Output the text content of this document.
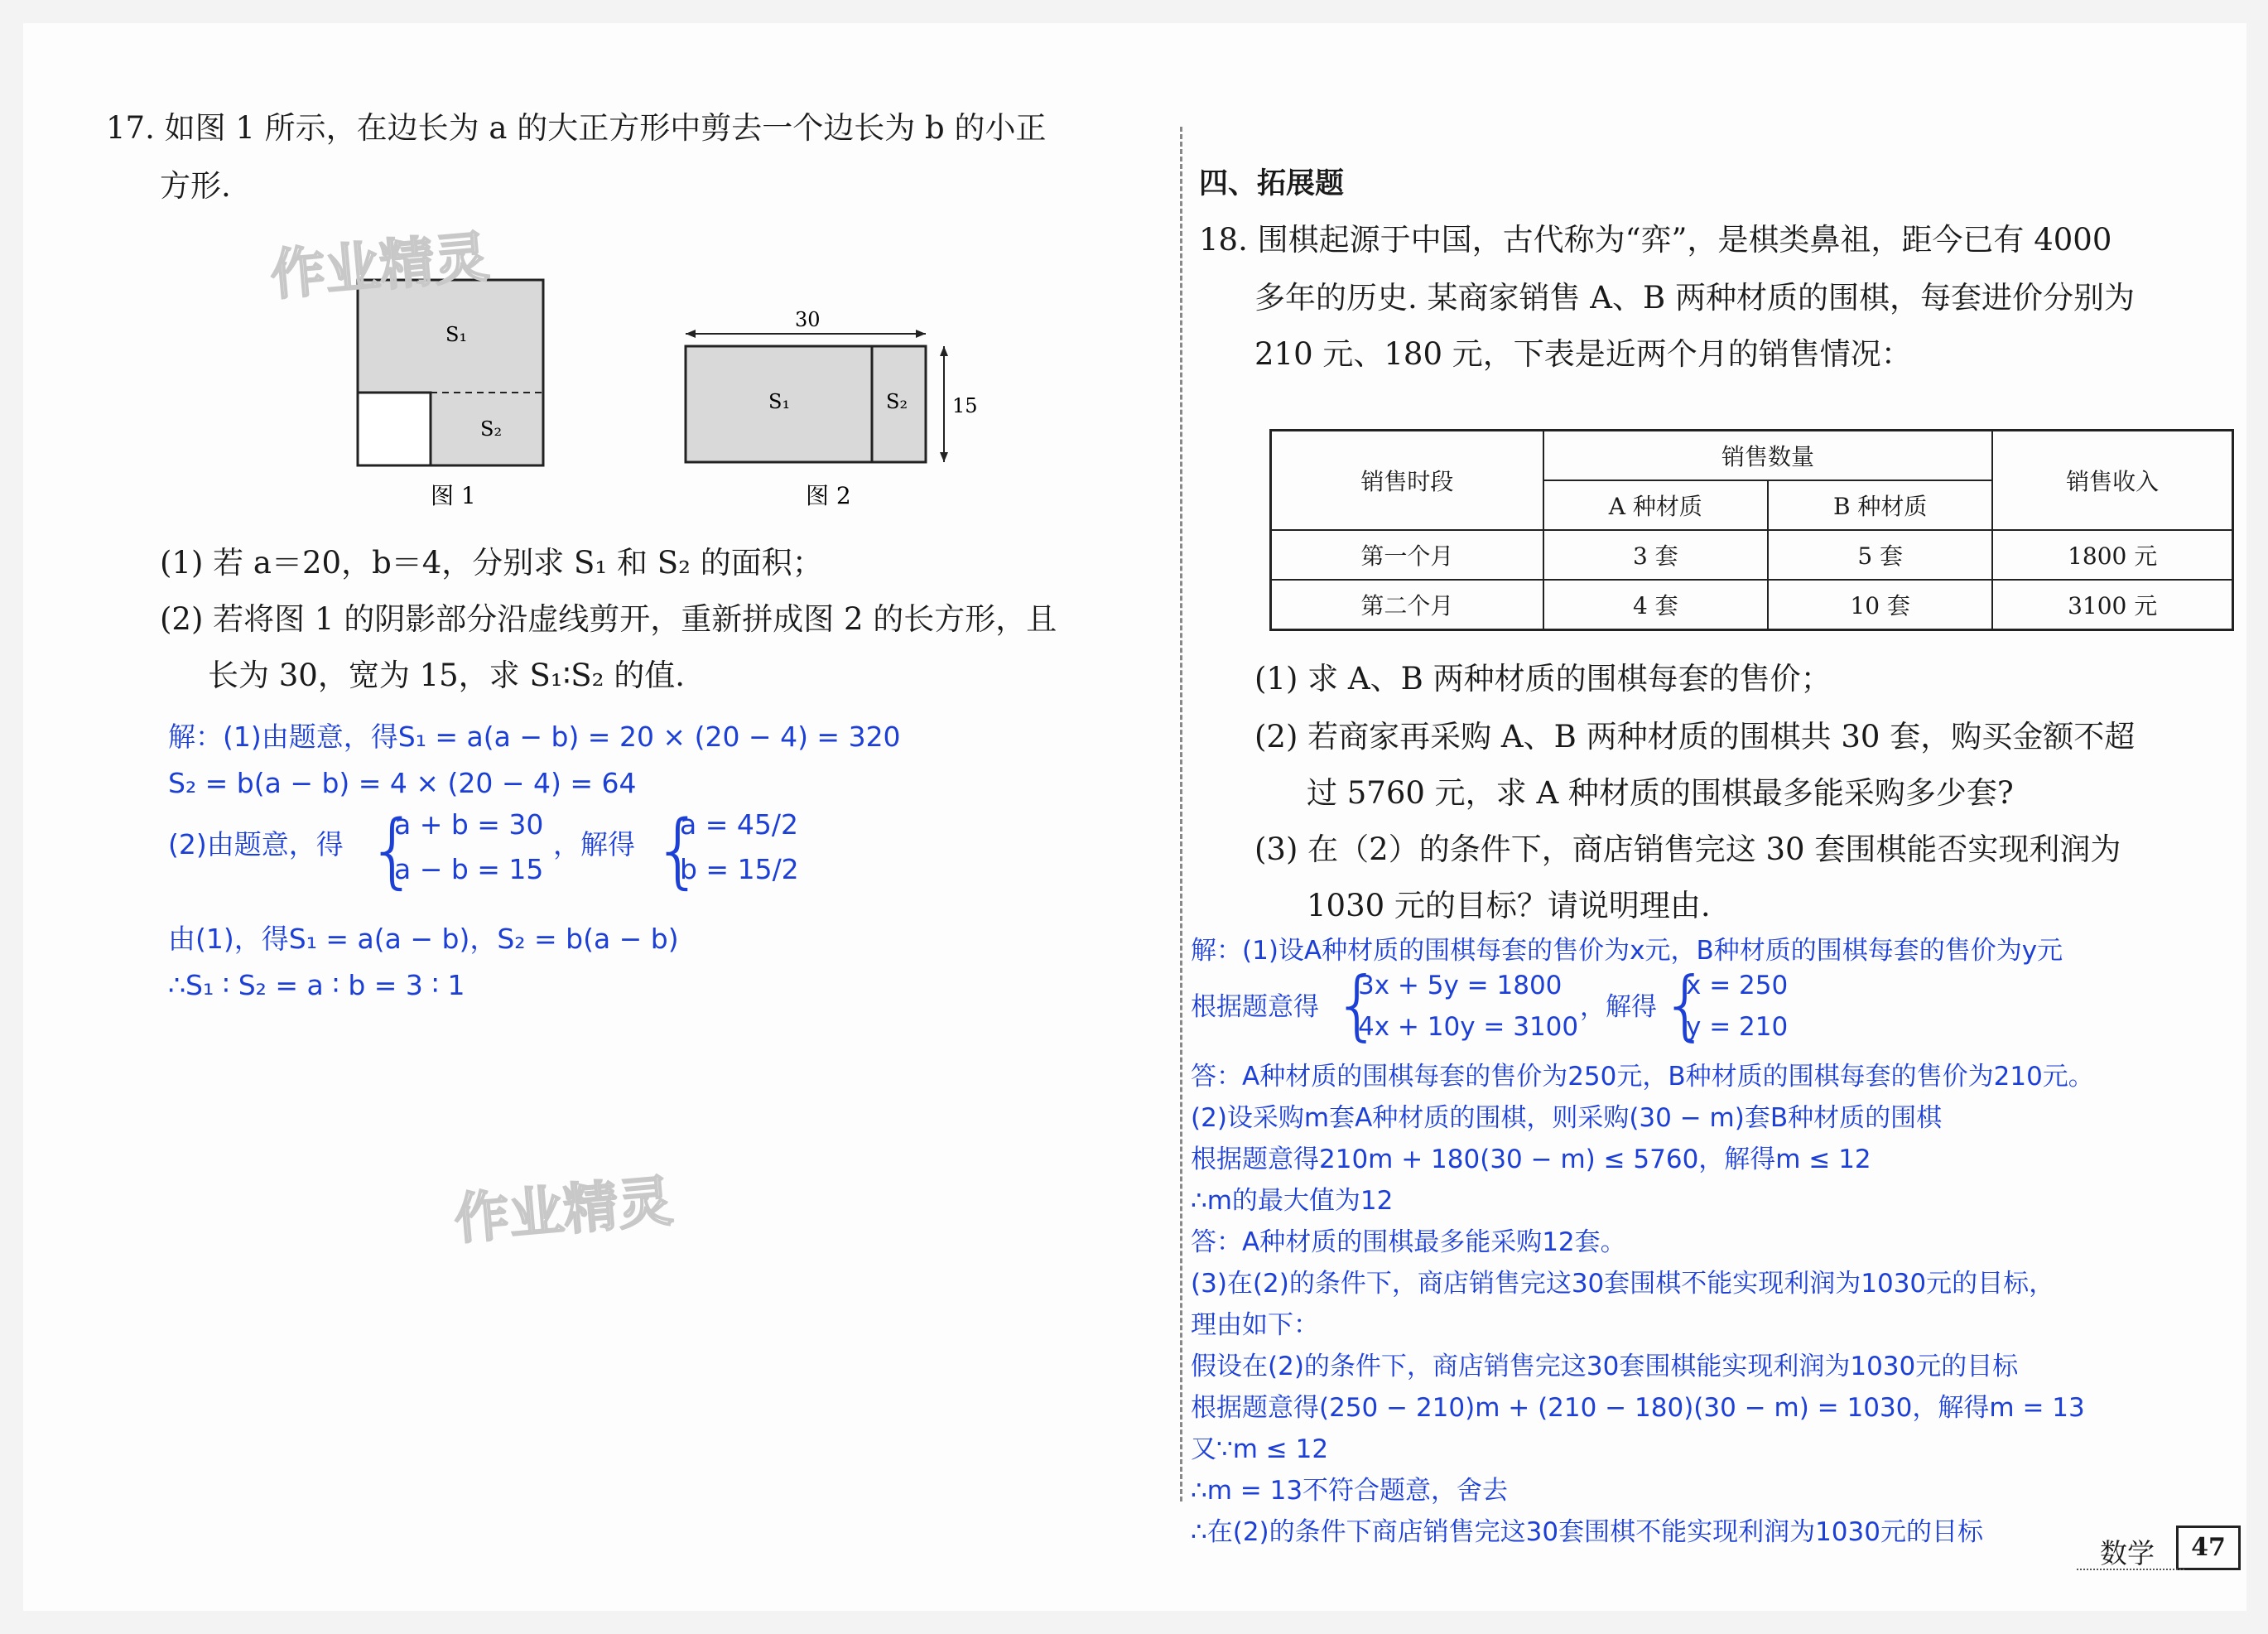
17. 如图 1 所示，在边长为 a 的大正方形中剪去一个边长为 b 的小正
方形.
S₁
S₂
图 1
30
15
S₁	S₂
图 2
作业精灵
(1) 若 a＝20，b＝4，分别求 S₁ 和 S₂ 的面积；
(2) 若将图 1 的阴影部分沿虚线剪开，重新拼成图 2 的长方形，且
长为 30，宽为 15，求 S₁∶S₂ 的值.
解：(1)由题意，得S₁ = a(a − b) = 20 × (20 − 4) = 320
S₂ = b(a − b) = 4 × (20 − 4) = 64
(2)由题意，得 {
a + b = 30
a − b = 15
，解得 {
a = 45/2
b = 15/2
由(1)，得S₁ = a(a − b)，S₂ = b(a − b)
∴S₁ ∶ S₂ = a ∶ b = 3 ∶ 1
作业精灵
四、拓展题
18. 围棋起源于中国，古代称为“弈”，是棋类鼻祖，距今已有 4000
多年的历史. 某商家销售 A、B 两种材质的围棋，每套进价分别为
210 元、180 元，下表是近两个月的销售情况：
销售时段	销售数量		销售收入
	A 种材质	B 种材质	
第一个月	3 套	5 套	1800 元
第二个月	4 套	10 套	3100 元
(1) 求 A、B 两种材质的围棋每套的售价；
(2) 若商家再采购 A、B 两种材质的围棋共 30 套，购买金额不超
过 5760 元，求 A 种材质的围棋最多能采购多少套?
(3) 在（2）的条件下，商店销售完这 30 套围棋能否实现利润为
1030 元的目标？请说明理由.
解：(1)设A种材质的围棋每套的售价为x元，B种材质的围棋每套的售价为y元
根据题意得 {
3x + 5y = 1800
4x + 10y = 3100
，解得 {
x = 250
y = 210
答：A种材质的围棋每套的售价为250元，B种材质的围棋每套的售价为210元。
(2)设采购m套A种材质的围棋，则采购(30 − m)套B种材质的围棋
根据题意得210m + 180(30 − m) ≤ 5760，解得m ≤ 12
∴m的最大值为12
答：A种材质的围棋最多能采购12套。
(3)在(2)的条件下，商店销售完这30套围棋不能实现利润为1030元的目标，
理由如下：
假设在(2)的条件下，商店销售完这30套围棋能实现利润为1030元的目标
根据题意得(250 − 210)m + (210 − 180)(30 − m) = 1030，解得m = 13
又∵m ≤ 12
∴m = 13不符合题意，舍去
∴在(2)的条件下商店销售完这30套围棋不能实现利润为1030元的目标
数学	47
